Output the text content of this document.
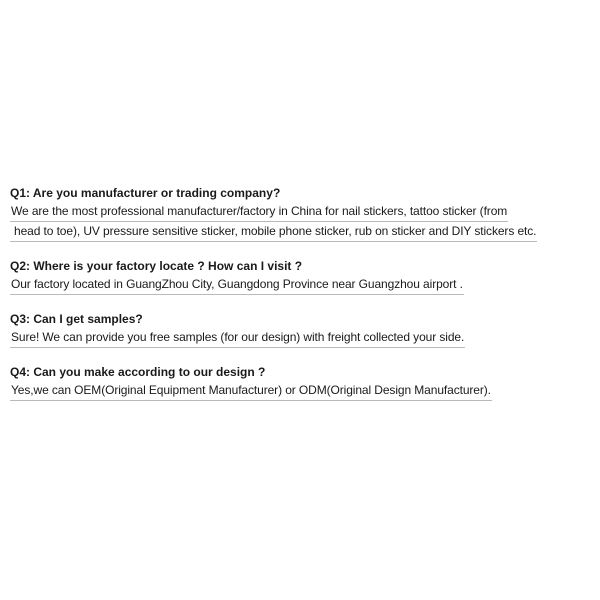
Q1: Are you manufacturer or trading company?
We are the most professional manufacturer/factory in China for nail stickers, tattoo sticker (from
head to toe), UV pressure sensitive sticker, mobile phone sticker, rub on sticker and DIY stickers etc.
Q2: Where is your factory locate ? How can I visit ?
Our factory located in GuangZhou City, Guangdong Province near Guangzhou airport .
Q3: Can I get samples?
Sure! We can provide you free samples (for our design) with freight collected your side.
Q4: Can you make according to our design ?
Yes,we can OEM(Original Equipment Manufacturer) or ODM(Original Design Manufacturer).
